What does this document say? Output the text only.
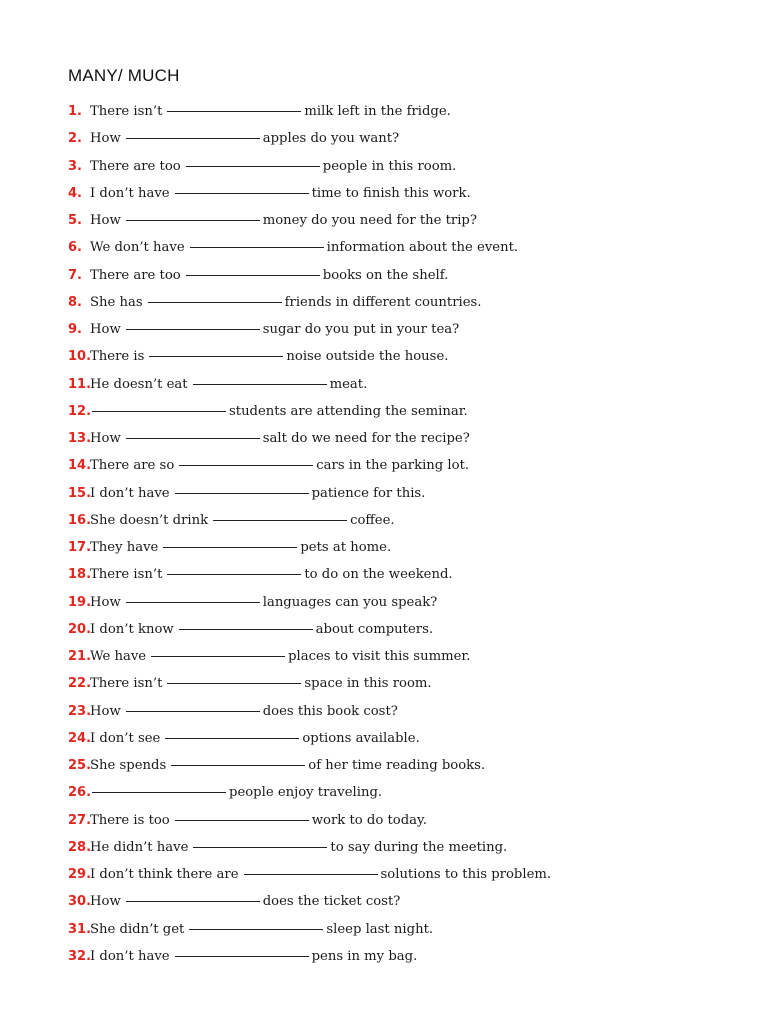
MANY/ MUCH
1. There isn’t	milk left in the fridge.
2. How	apples do you want?
3. There are too	people in this room.
4. I don’t have	time to finish this work.
5. How	money do you need for the trip?
6. We don’t have	information about the event.
7. There are too	books on the shelf.
8. She has	friends in different countries.
9. How	sugar do you put in your tea?
10.There is	noise outside the house.
11.He doesn’t eat	meat.
12.	students are attending the seminar.
13.How	salt do we need for the recipe?
14.There are so	cars in the parking lot.
15.I don’t have	patience for this.
16.She doesn’t drink	coffee.
17.They have	pets at home.
18.There isn’t	to do on the weekend.
19.How	languages can you speak?
20.I don’t know	about computers.
21.We have	places to visit this summer.
22.There isn’t	space in this room.
23.How	does this book cost?
24.I don’t see	options available.
25.She spends	of her time reading books.
26.	people enjoy traveling.
27.There is too	work to do today.
28.He didn’t have	to say during the meeting.
29.I don’t think there are	solutions to this problem.
30.How	does the ticket cost?
31.She didn’t get	sleep last night.
32.I don’t have	pens in my bag.
